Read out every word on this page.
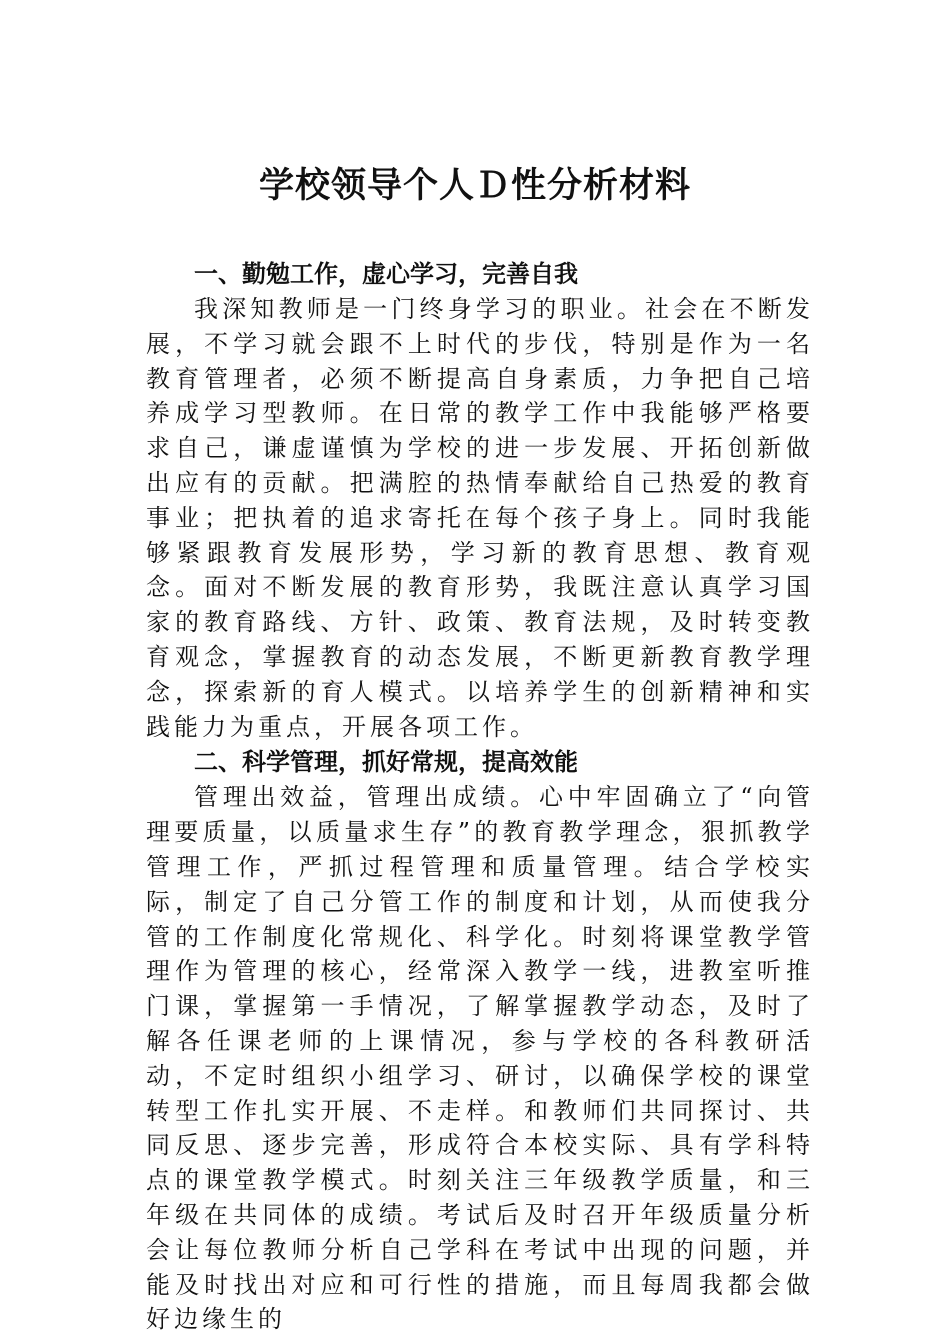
学校领导个人Ｄ性分析材料
一、勤勉工作，虚心学习，完善自我

我深知教师是一门终身学习的职业。社会在不断发展，不学习就会跟不上时代的步伐，特别是作为一名教育管理者，必须不断提高自身素质，力争把自己培养成学习型教师。在日常的教学工作中我能够严格要求自己，谦虚谨慎为学校的进一步发展、开拓创新做出应有的贡献。把满腔的热情奉献给自己热爱的教育事业；把执着的追求寄托在每个孩子身上。同时我能够紧跟教育发展形势，学习新的教育思想、教育观念。面对不断发展的教育形势，我既注意认真学习国家的教育路线、方针、政策、教育法规，及时转变教育观念，掌握教育的动态发展，不断更新教育教学理念，探索新的育人模式。以培养学生的创新精神和实践能力为重点，开展各项工作。

二、科学管理，抓好常规，提高效能

管理出效益，管理出成绩。心中牢固确立了“向管理要质量，以质量求生存”的教育教学理念，狠抓教学管理工作，严抓过程管理和质量管理。结合学校实际，制定了自己分管工作的制度和计划，从而使我分管的工作制度化常规化、科学化。时刻将课堂教学管理作为管理的核心，经常深入教学一线，进教室听推门课，掌握第一手情况，了解掌握教学动态，及时了解各任课老师的上课情况，参与学校的各科教研活动，不定时组织小组学习、研讨，以确保学校的课堂转型工作扎实开展、不走样。和教师们共同探讨、共同反思、逐步完善，形成符合本校实际、具有学科特点的课堂教学模式。时刻关注三年级教学质量，和三年级在共同体的成绩。考试后及时召开年级质量分析会让每位教师分析自己学科在考试中出现的问题，并能及时找出对应和可行性的措施，而且每周我都会做好边缘生的
